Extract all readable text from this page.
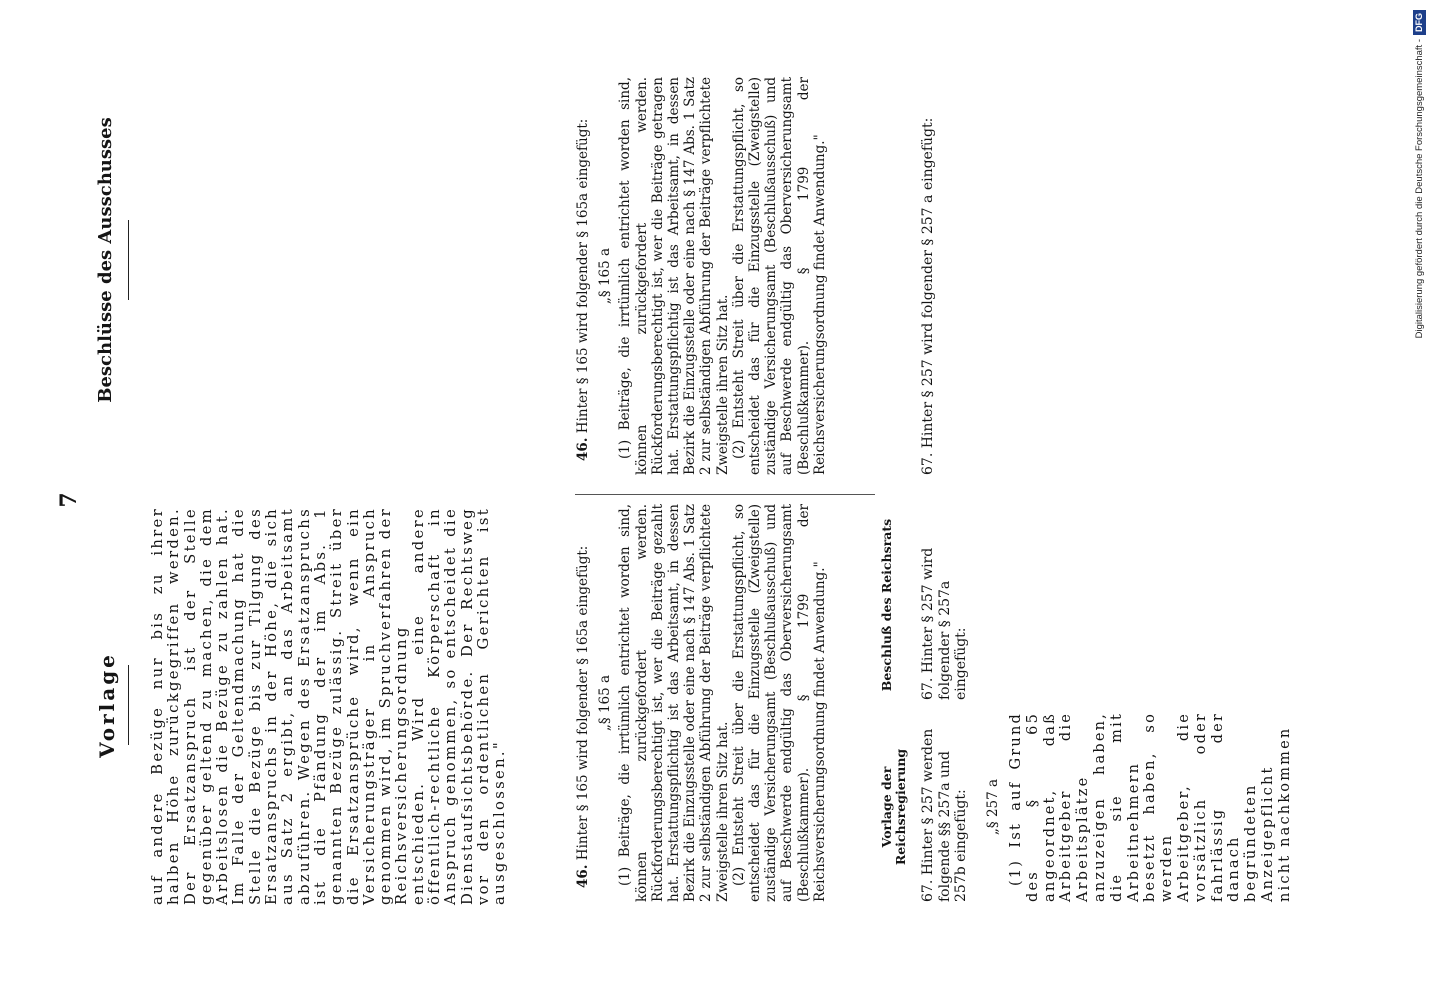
7
Vorlage
Beschlüsse des Ausschusses

auf andere Bezüge nur bis zu ihrer halben Höhe zurückgegriffen werden. Der Ersatzanspruch ist der Stelle gegenüber geltend zu machen, die dem Arbeitslosen die Bezüge zu zahlen hat. Im Falle der Geltendmachung hat die Stelle die Bezüge bis zur Tilgung des Ersatzanspruchs in der Höhe, die sich aus Satz 2 ergibt, an das Arbeitsamt abzuführen. Wegen des Ersatzanspruchs ist die Pfändung der im Abs. 1 genannten Bezüge zulässig. Streit über die Ersatzansprüche wird, wenn ein Versicherungsträger in Anspruch genommen wird, im Spruchverfahren der Reichsversicherungsordnung entschieden. Wird eine andere öffentlich-rechtliche Körperschaft in Anspruch genommen, so entscheidet die Dienstaufsichtsbehörde. Der Rechtsweg vor den ordentlichen Gerichten ist ausgeschlossen."	46. Hinter § 165 wird folgender § 165a eingefügt: „§ 165 a (1) Beiträge, die irrtümlich entrichtet worden sind, können zurückgefordert werden. Rückforderungsberechtigt ist, wer die Beiträge gezahlt hat. Erstattungspflichtig ist das Arbeitsamt, in dessen Bezirk die Einzugsstelle oder eine nach § 147 Abs. 1 Satz 2 zur selbständigen Abführung der Beiträge verpflichtete Zweigstelle ihren Sitz hat. (2) Entsteht Streit über die Erstattungspflicht, so entscheidet das für die Einzugsstelle (Zweigstelle) zuständige Versicherungsamt (Beschlußausschuß) und auf Beschwerde endgültig das Oberversicherungsamt (Beschlußkammer). § 1799 der Reichsversicherungsordnung findet Anwendung."

46. Hinter § 165 wird folgender § 165a eingefügt: „§ 165 a (1) Beiträge, die irrtümlich entrichtet worden sind, können zurückgefordert werden. Rückforderungsberechtigt ist, wer die Beiträge getragen hat. Erstattungspflichtig ist das Arbeitsamt, in dessen Bezirk die Einzugsstelle oder eine nach § 147 Abs. 1 Satz 2 zur selbständigen Abführung der Beiträge verpflichtete Zweigstelle ihren Sitz hat. (2) Entsteht Streit über die Erstattungspflicht, so entscheidet das für die Einzugsstelle (Zweigstelle) zuständige Versicherungsamt (Beschlußausschuß) und auf Beschwerde endgültig das Oberversicherungsamt (Beschlußkammer). § 1799 der Reichsversicherungsordnung findet Anwendung."

Vorlage der Reichsregierung
Beschluß des Reichsrats
67. Hinter § 257 werden folgende §§ 257a und 257b eingefügt:
67. Hinter § 257 wird folgender § 257a eingefügt:
67. Hinter § 257 wird folgender § 257 a eingefügt:
„§ 257 a (1) Ist auf Grund des § 65 angeordnet, daß Arbeitgeber die Arbeitsplätze anzuzeigen haben, die sie mit Arbeitnehmern besetzt haben, so werden Arbeitgeber, die vorsätzlich oder fahrlässig der danach begründeten Anzeigepflicht nicht nachkommen

Digitalisierung gefördert durch die Deutsche Forschungsgemeinschaft -DFG
